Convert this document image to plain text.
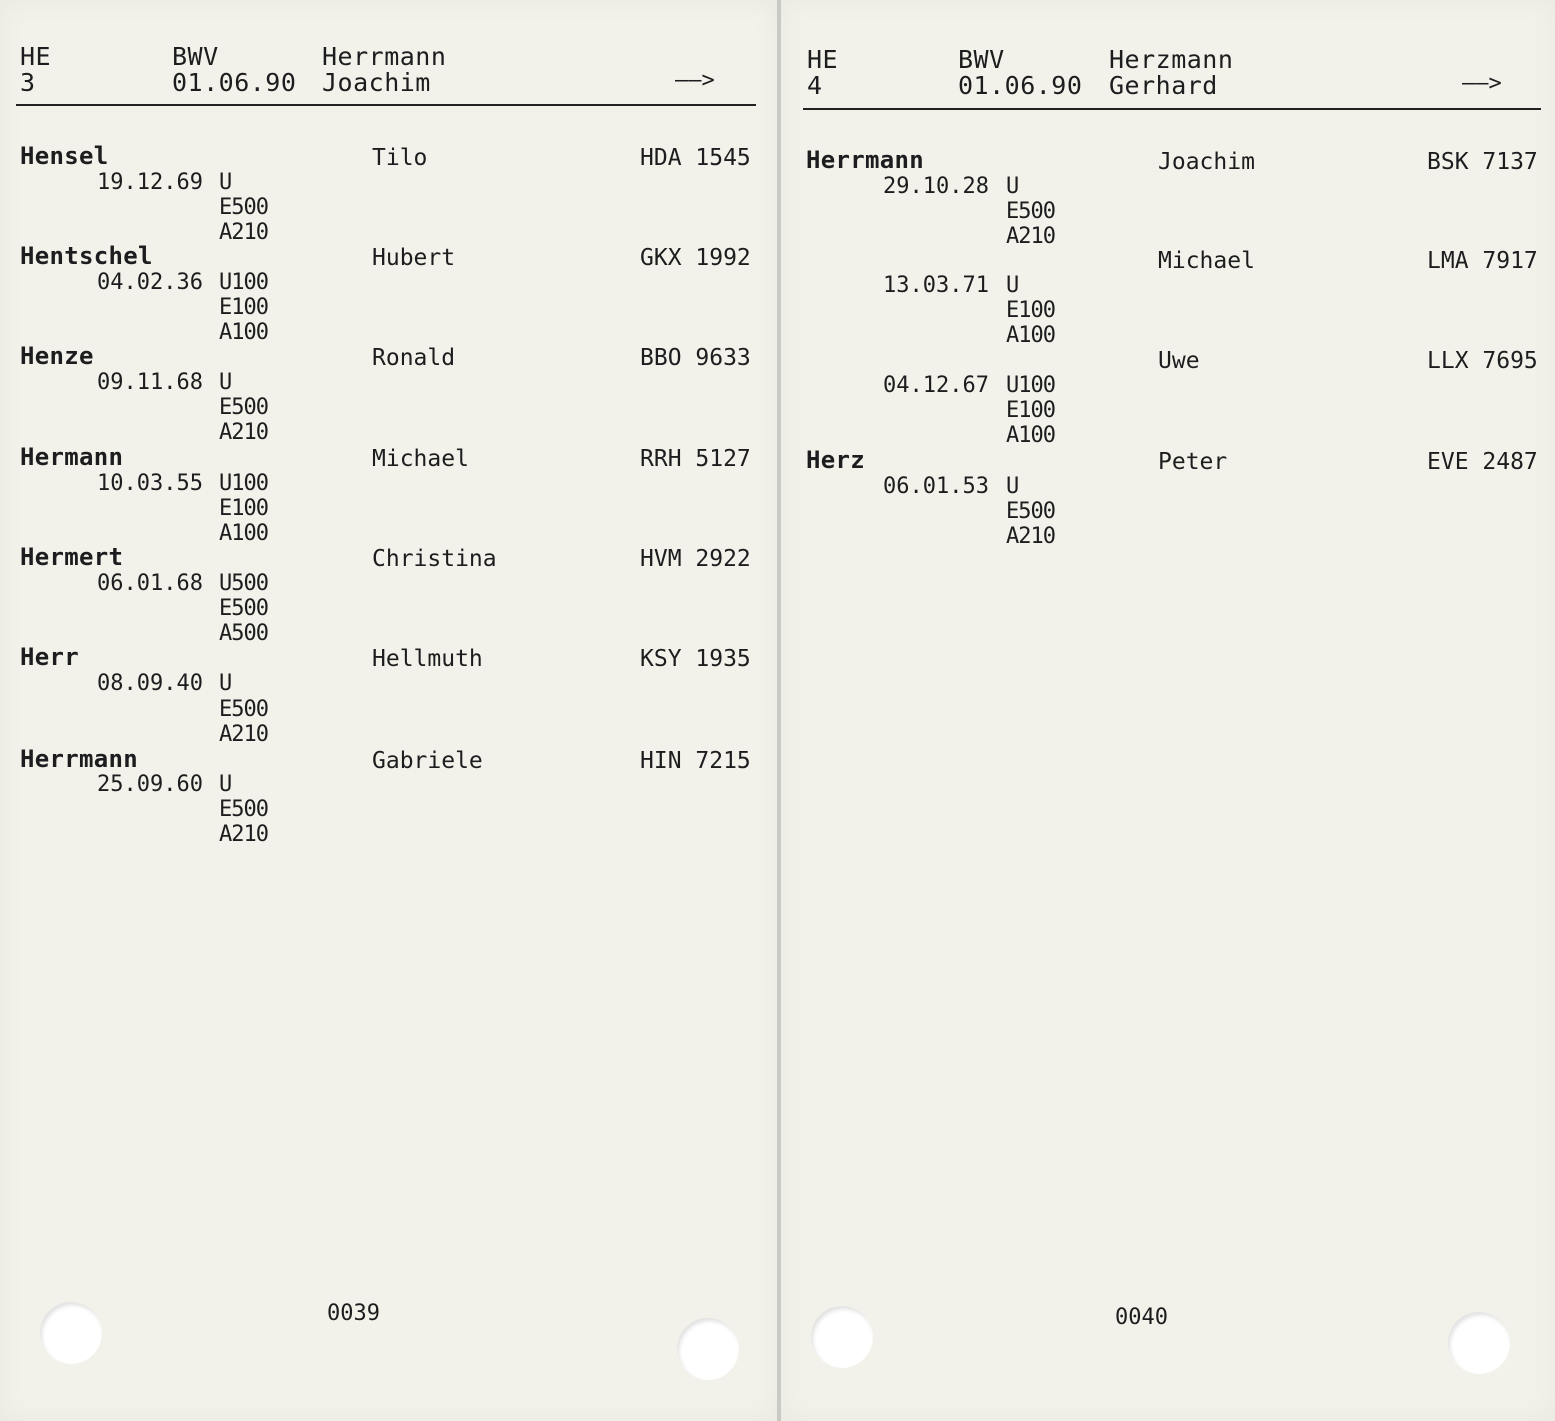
HE
3
BWV
01.06.90
Herrmann
Joachim	——>
Hensel	Tilo	HDA 1545
19.12.69 U
E500
A210
Hentschel	Hubert	GKX 1992
04.02.36 U100
E100
A100
Henze	Ronald	BBO 9633
09.11.68 U
E500
A210
Hermann	Michael	RRH 5127
10.03.55 U100
E100
A100
Hermert	Christina	HVM 2922
06.01.68 U500
E500
A500
Herr	Hellmuth	KSY 1935
08.09.40 U
E500
A210
Herrmann	Gabriele	HIN 7215
25.09.60 U
E500
A210
0039
HE
4
BWV
01.06.90
Herzmann
Gerhard	——>
Herrmann	Joachim	BSK 7137
29.10.28 U
E500
A210
Michael	LMA 7917
13.03.71 U
E100
A100
Uwe	LLX 7695
04.12.67 U100
E100
A100
Herz	Peter	EVE 2487
06.01.53 U
E500
A210
0040
